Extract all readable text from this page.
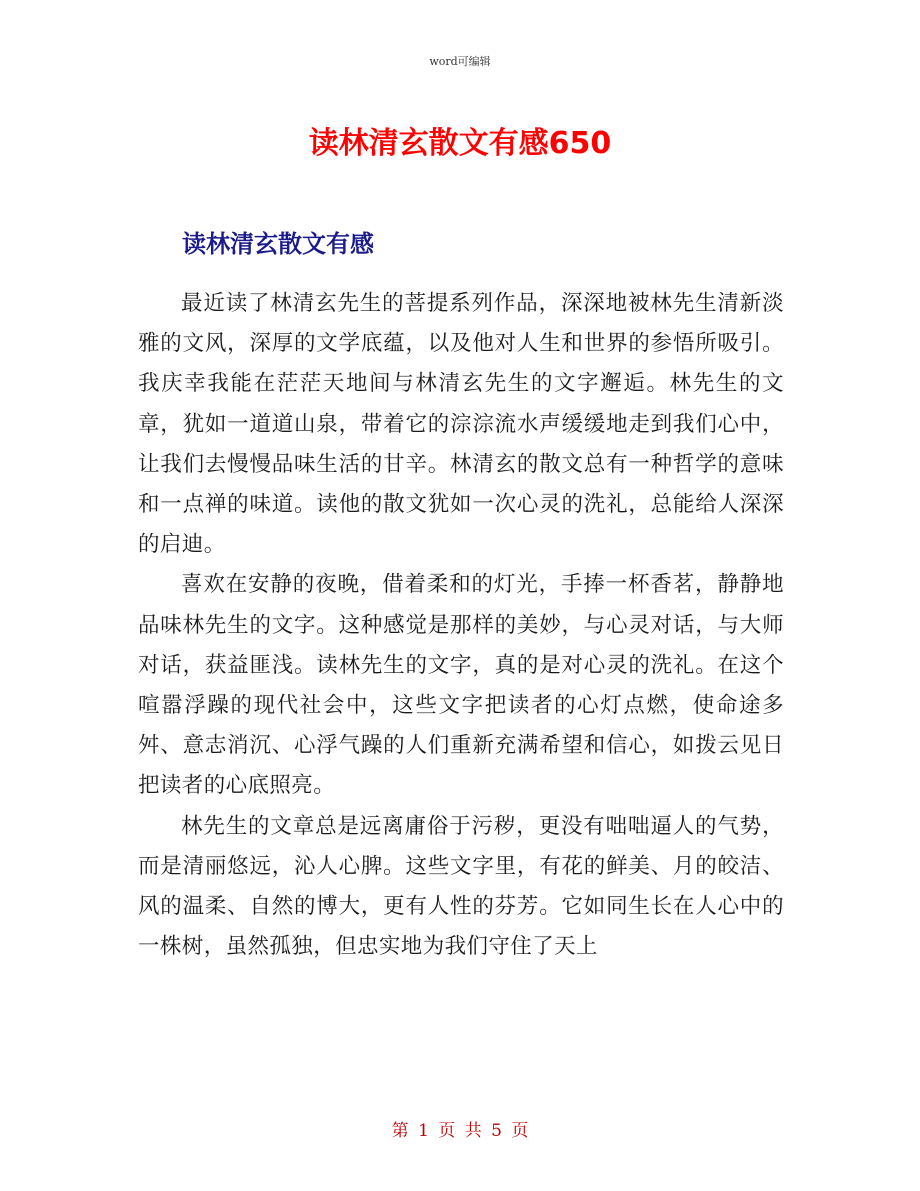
word可编辑
读林清玄散文有感650
读林清玄散文有感

最近读了林清玄先生的菩提系列作品，深深地被林先生清新淡雅的文风，深厚的文学底蕴，以及他对人生和世界的参悟所吸引。我庆幸我能在茫茫天地间与林清玄先生的文字邂逅。林先生的文章，犹如一道道山泉，带着它的淙淙流水声缓缓地走到我们心中，让我们去慢慢品味生活的甘辛。林清玄的散文总有一种哲学的意味和一点禅的味道。读他的散文犹如一次心灵的洗礼，总能给人深深的启迪。

喜欢在安静的夜晚，借着柔和的灯光，手捧一杯香茗，静静地品味林先生的文字。这种感觉是那样的美妙，与心灵对话，与大师对话，获益匪浅。读林先生的文字，真的是对心灵的洗礼。在这个喧嚣浮躁的现代社会中，这些文字把读者的心灯点燃，使命途多舛、意志消沉、心浮气躁的人们重新充满希望和信心，如拨云见日把读者的心底照亮。

林先生的文章总是远离庸俗于污秽，更没有咄咄逼人的气势，而是清丽悠远，沁人心脾。这些文字里，有花的鲜美、月的皎洁、风的温柔、自然的博大，更有人性的芬芳。它如同生长在人心中的一株树，虽然孤独，但忠实地为我们守住了天上

第 1 页 共 5 页
